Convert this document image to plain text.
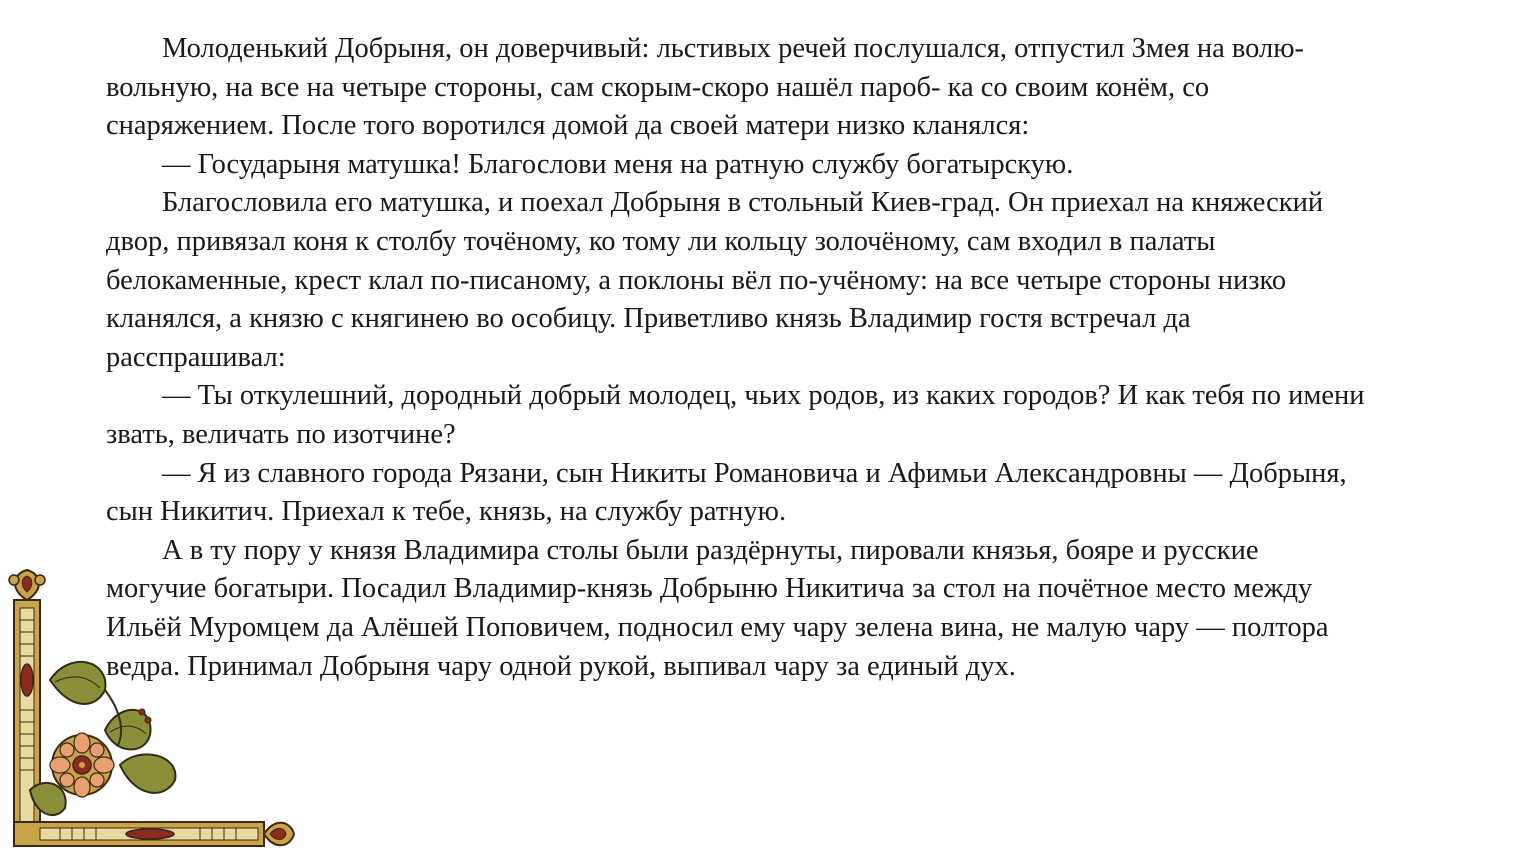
Молоденький Добрыня, он доверчивый: льстивых речей послушался, отпустил Змея на волю-
вольную, на все на четыре стороны, сам скорым-скоро нашёл пароб- ка со своим конём, со
снаряжением. После того воротился домой да своей матери низко кланялся:
— Государыня матушка! Благослови меня на ратную службу богатырскую.
Благословила его матушка, и поехал Добрыня в стольный Киев-град. Он приехал на княжеский
двор, привязал коня к столбу точёному, ко тому ли кольцу золочёному, сам входил в палаты
белокаменные, крест клал по-писаному, а поклоны вёл по-учёному: на все четыре стороны низко
кланялся, а князю с княгинею во особицу. Приветливо князь Владимир гостя встречал да
расспрашивал:
— Ты откулешний, дородный добрый молодец, чьих родов, из каких городов? И как тебя по имени
звать, величать по изотчине?
— Я из славного города Рязани, сын Никиты Романовича и Афимьи Александровны — Добрыня,
сын Никитич. Приехал к тебе, князь, на службу ратную.
А в ту пору у князя Владимира столы были раздёрнуты, пировали князья, бояре и русские
могучие богатыри. Посадил Владимир-князь Добрыню Никитича за стол на почётное место между
Ильёй Муромцем да Алёшей Поповичем, подносил ему чару зелена вина, не малую чару — полтора
ведра. Принимал Добрыня чару одной рукой, выпивал чару за единый дух.
